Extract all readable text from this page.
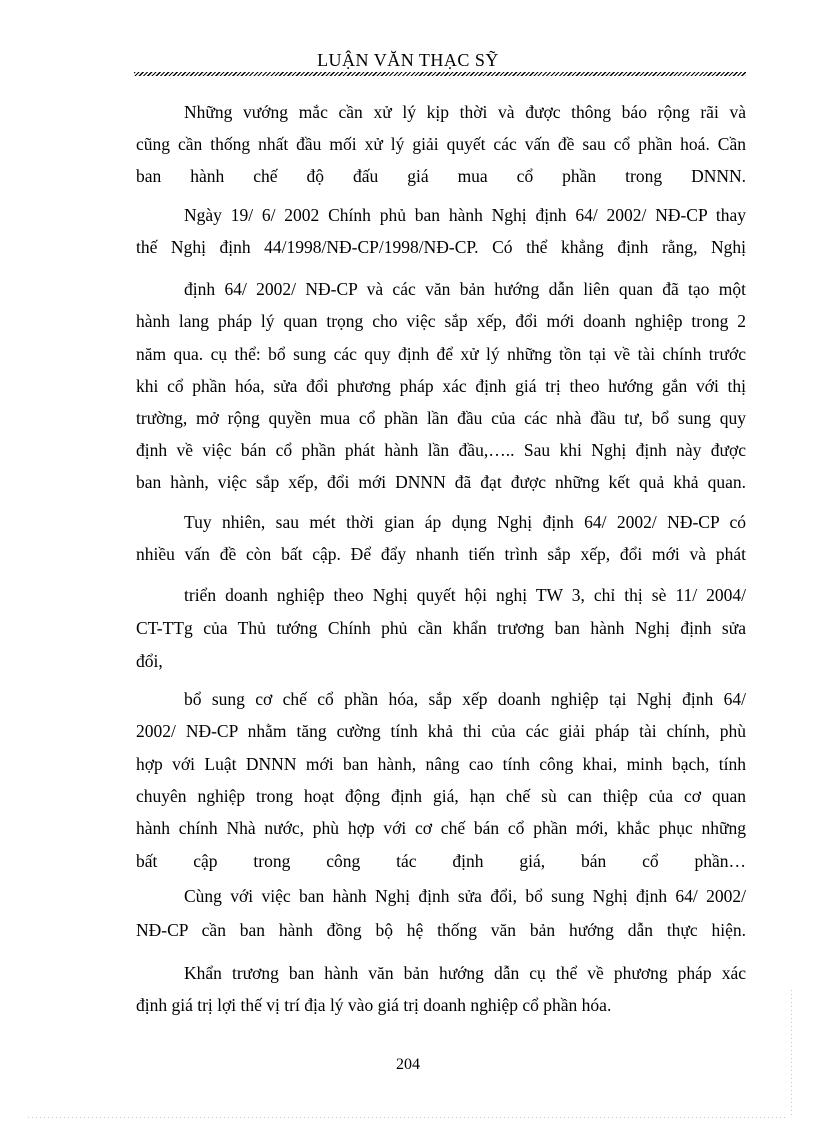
LUẬN VĂN THẠC SỸ
Những vướng mắc cần xử lý kịp thời và được thông báo rộng rãi và
cũng cần thống nhất đầu mối xử lý giải quyết các vấn đề sau cổ phần hoá. Cần
ban hành chế độ đấu giá mua cổ phần trong DNNN.
Ngày 19/ 6/ 2002 Chính phủ ban hành Nghị định 64/ 2002/ NĐ-CP thay
thế Nghị định 44/1998/NĐ-CP/1998/NĐ-CP. Có thể khẳng định rằng, Nghị
định 64/ 2002/ NĐ-CP và các văn bản hướng dẫn liên quan đã tạo một
hành lang pháp lý quan trọng cho việc sắp xếp, đổi mới doanh nghiệp trong 2
năm qua. cụ thể: bổ sung các quy định để xử lý những tồn tại về tài chính trước
khi cổ phần hóa, sửa đổi phương pháp xác định giá trị theo hướng gắn với thị
trường, mở rộng quyền mua cổ phần lần đầu của các nhà đầu tư, bổ sung quy
định về việc bán cổ phần phát hành lần đầu,….. Sau khi Nghị định này được
ban hành, việc sắp xếp, đổi mới DNNN đã đạt được những kết quả khả quan.
Tuy nhiên, sau mét thời gian áp dụng Nghị định 64/ 2002/ NĐ-CP có
nhiều vấn đề còn bất cập. Để đẩy nhanh tiến trình sắp xếp, đổi mới và phát
triển doanh nghiệp theo Nghị quyết hội nghị TW 3, chỉ thị sè 11/ 2004/
CT-TTg của Thủ tướng Chính phủ cần khẩn trương ban hành Nghị định sửa
đổi,
bổ sung cơ chế cổ phần hóa, sắp xếp doanh nghiệp tại Nghị định 64/
2002/ NĐ-CP nhằm tăng cường tính khả thi của các giải pháp tài chính, phù
hợp với Luật DNNN mới ban hành, nâng cao tính công khai, minh bạch, tính
chuyên nghiệp trong hoạt động định giá, hạn chế sù can thiệp của cơ quan
hành chính Nhà nước, phù hợp với cơ chế bán cổ phần mới, khắc phục những
bất cập trong công tác định giá, bán cổ phần…
Cùng với việc ban hành Nghị định sửa đổi, bổ sung Nghị định 64/ 2002/
NĐ-CP cần ban hành đồng bộ hệ thống văn bản hướng dẫn thực hiện.
Khẩn trương ban hành văn bản hướng dẫn cụ thể về phương pháp xác
định giá trị lợi thế vị trí địa lý vào giá trị doanh nghiệp cổ phần hóa.
204
